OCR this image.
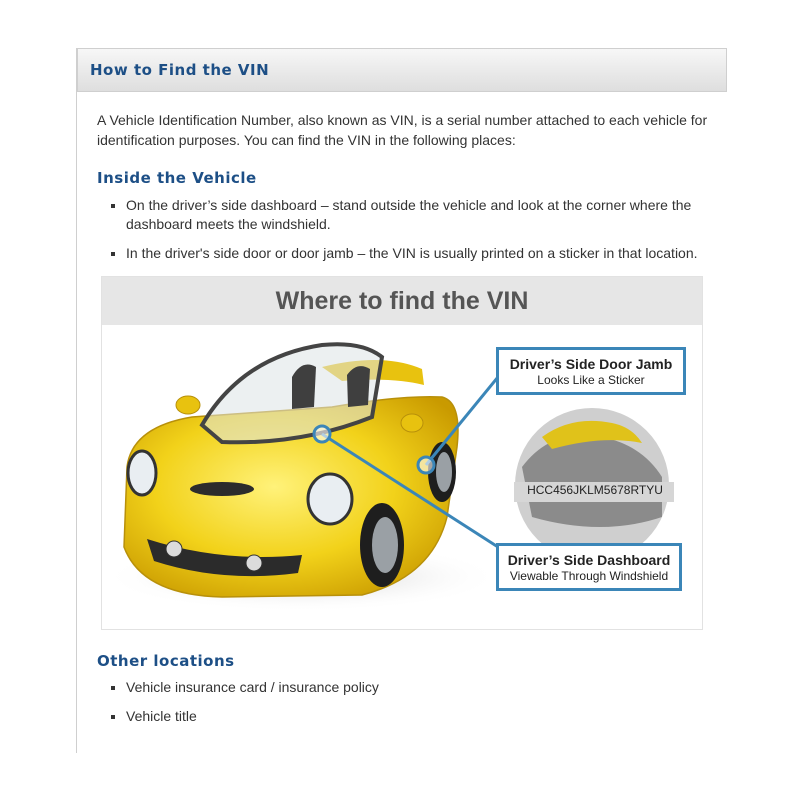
How to Find the VIN
A Vehicle Identification Number, also known as VIN, is a serial number attached to each vehicle for identification purposes. You can find the VIN in the following places:
Inside the Vehicle
▪ On the driver’s side dashboard – stand outside the vehicle and look at the corner where the dashboard meets the windshield.
▪ In the driver's side door or door jamb – the VIN is usually printed on a sticker in that location.
Where to find the VIN
HCC456JKLM5678RTYU
Driver’s Side Door Jamb
Looks Like a Sticker
Driver’s Side Dashboard
Viewable Through Windshield
Other locations
▪ Vehicle insurance card / insurance policy
▪ Vehicle title
